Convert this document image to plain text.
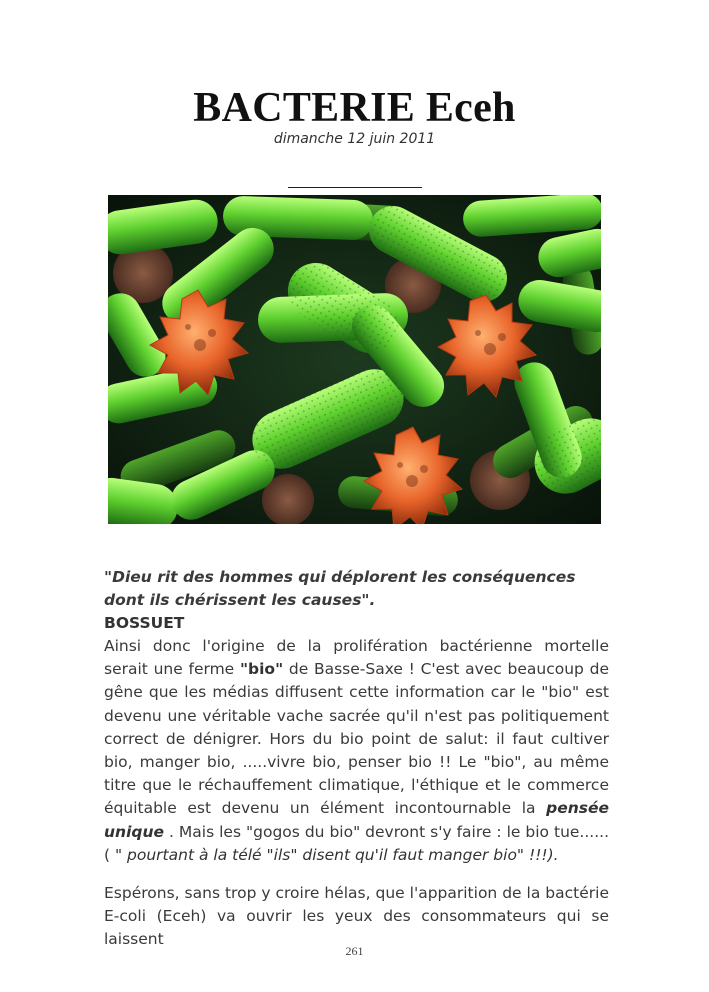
BACTERIE Eceh
dimanche 12 juin 2011
"Dieu rit des hommes qui déplorent les conséquences dont ils chérissent les causes".
BOSSUET
Ainsi donc l'origine de la prolifération bactérienne mortelle serait une ferme "bio" de Basse-Saxe ! C'est avec beaucoup de gêne que les médias diffusent cette information car le "bio" est devenu une véritable vache sacrée qu'il n'est pas politiquement correct de dénigrer. Hors du bio point de salut: il faut cultiver bio, manger bio, .....vivre bio, penser bio !! Le "bio", au même titre que le réchauffement climatique, l'éthique et le commerce équitable est devenu un élément incontournable la pensée unique . Mais les "gogos du bio" devront s'y faire : le bio tue...... ( " pourtant à la télé "ils" disent qu'il faut manger bio" !!!).
Espérons, sans trop y croire hélas, que l'apparition de la bactérie E-coli (Eceh) va ouvrir les yeux des consommateurs qui se laissent
261
